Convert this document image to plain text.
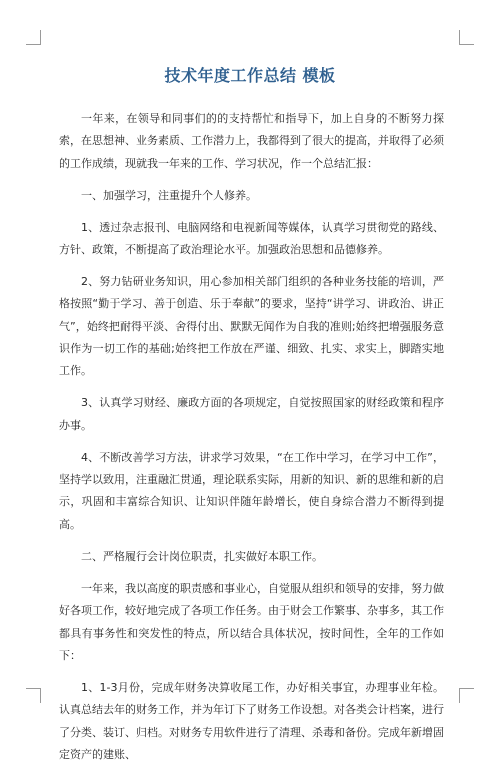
技术年度工作总结 模板

一年来，在领导和同事们的的支持帮忙和指导下，加上自身的不断努力探索，在思想神、业务素质、工作潜力上，我都得到了很大的提高，并取得了必须的工作成绩，现就我一年来的工作、学习状况，作一个总结汇报：

一、加强学习，注重提升个人修养。

1、透过杂志报刊、电脑网络和电视新闻等媒体，认真学习贯彻党的路线、方针、政策，不断提高了政治理论水平。加强政治思想和品德修养。

2、努力钻研业务知识，用心参加相关部门组织的各种业务技能的培训，严格按照“勤于学习、善于创造、乐于奉献”的要求，坚持“讲学习、讲政治、讲正气”，始终把耐得平淡、舍得付出、默默无闻作为自我的准则;始终把增强服务意识作为一切工作的基础;始终把工作放在严谨、细致、扎实、求实上，脚踏实地工作。

3、认真学习财经、廉政方面的各项规定，自觉按照国家的财经政策和程序办事。

4、不断改善学习方法，讲求学习效果，“在工作中学习，在学习中工作”，坚持学以致用，注重融汇贯通，理论联系实际，用新的知识、新的思维和新的启示，巩固和丰富综合知识、让知识伴随年龄增长，使自身综合潜力不断得到提高。

二、严格履行会计岗位职责，扎实做好本职工作。

一年来，我以高度的职责感和事业心，自觉服从组织和领导的安排，努力做好各项工作，较好地完成了各项工作任务。由于财会工作繁事、杂事多，其工作都具有事务性和突发性的特点，所以结合具体状况，按时间性，全年的工作如下：

1、1-3月份，完成年财务决算收尾工作，办好相关事宜，办理事业年检。认真总结去年的财务工作，并为年订下了财务工作设想。对各类会计档案，进行了分类、装订、归档。对财务专用软件进行了清理、杀毒和备份。完成年新增固定资产的建账、
